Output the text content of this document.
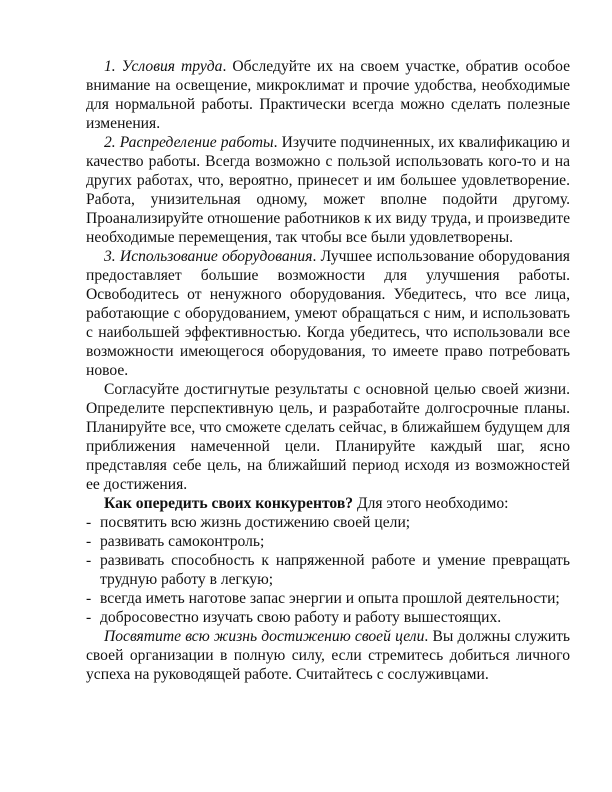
1. Условия труда. Обследуйте их на своем участке, обратив особое внимание на освещение, микроклимат и прочие удобства, необходимые для нормальной работы. Практически всегда можно сделать полезные изменения.

2. Распределение работы. Изучите подчиненных, их квалификацию и качество работы. Всегда возможно с пользой использовать кого-то и на других работах, что, вероятно, принесет и им большее удовлетворение. Работа, унизительная одному, может вполне подойти другому. Проанализируйте отношение работников к их виду труда, и произведите необходимые перемещения, так чтобы все были удовлетворены.

3. Использование оборудования. Лучшее использование оборудования предоставляет большие возможности для улучшения работы. Освободитесь от ненужного оборудования. Убедитесь, что все лица, работающие с оборудованием, умеют обращаться с ним, и использовать с наибольшей эффективностью. Когда убедитесь, что использовали все возможности имеющегося оборудования, то имеете право потребовать новое.

Согласуйте достигнутые результаты с основной целью своей жизни. Определите перспективную цель, и разработайте долгосрочные планы. Планируйте все, что сможете сделать сейчас, в ближайшем будущем для приближения намеченной цели. Планируйте каждый шаг, ясно представляя себе цель, на ближайший период исходя из возможностей ее достижения.

Как опередить своих конкурентов? Для этого необходимо:

- посвятить всю жизнь достижению своей цели;
- развивать самоконтроль;
- развивать способность к напряженной работе и умение превращать трудную работу в легкую;
- всегда иметь наготове запас энергии и опыта прошлой деятельности;
- добросовестно изучать свою работу и работу вышестоящих.

Посвятите всю жизнь достижению своей цели. Вы должны служить своей организации в полную силу, если стремитесь добиться личного успеха на руководящей работе. Считайтесь с сослуживцами.
